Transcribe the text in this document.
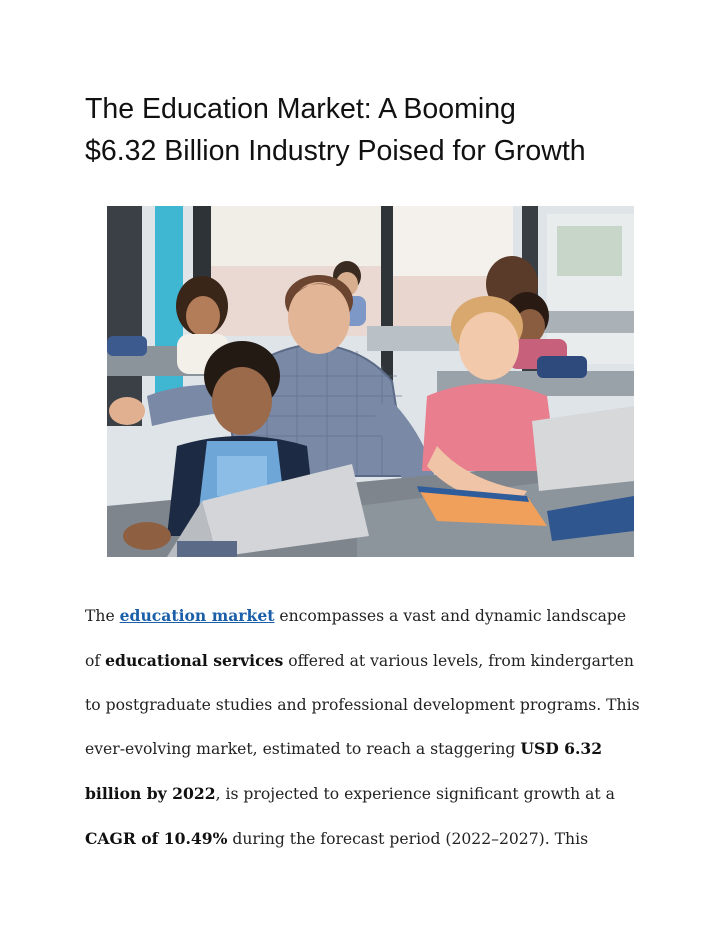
The Education Market: A Booming
$6.32 Billion Industry Poised for Growth
The education market encompasses a vast and dynamic landscape
of educational services offered at various levels, from kindergarten
to postgraduate studies and professional development programs. This
ever-evolving market, estimated to reach a staggering USD 6.32
billion by 2022, is projected to experience significant growth at a
CAGR of 10.49% during the forecast period (2022–2027). This
